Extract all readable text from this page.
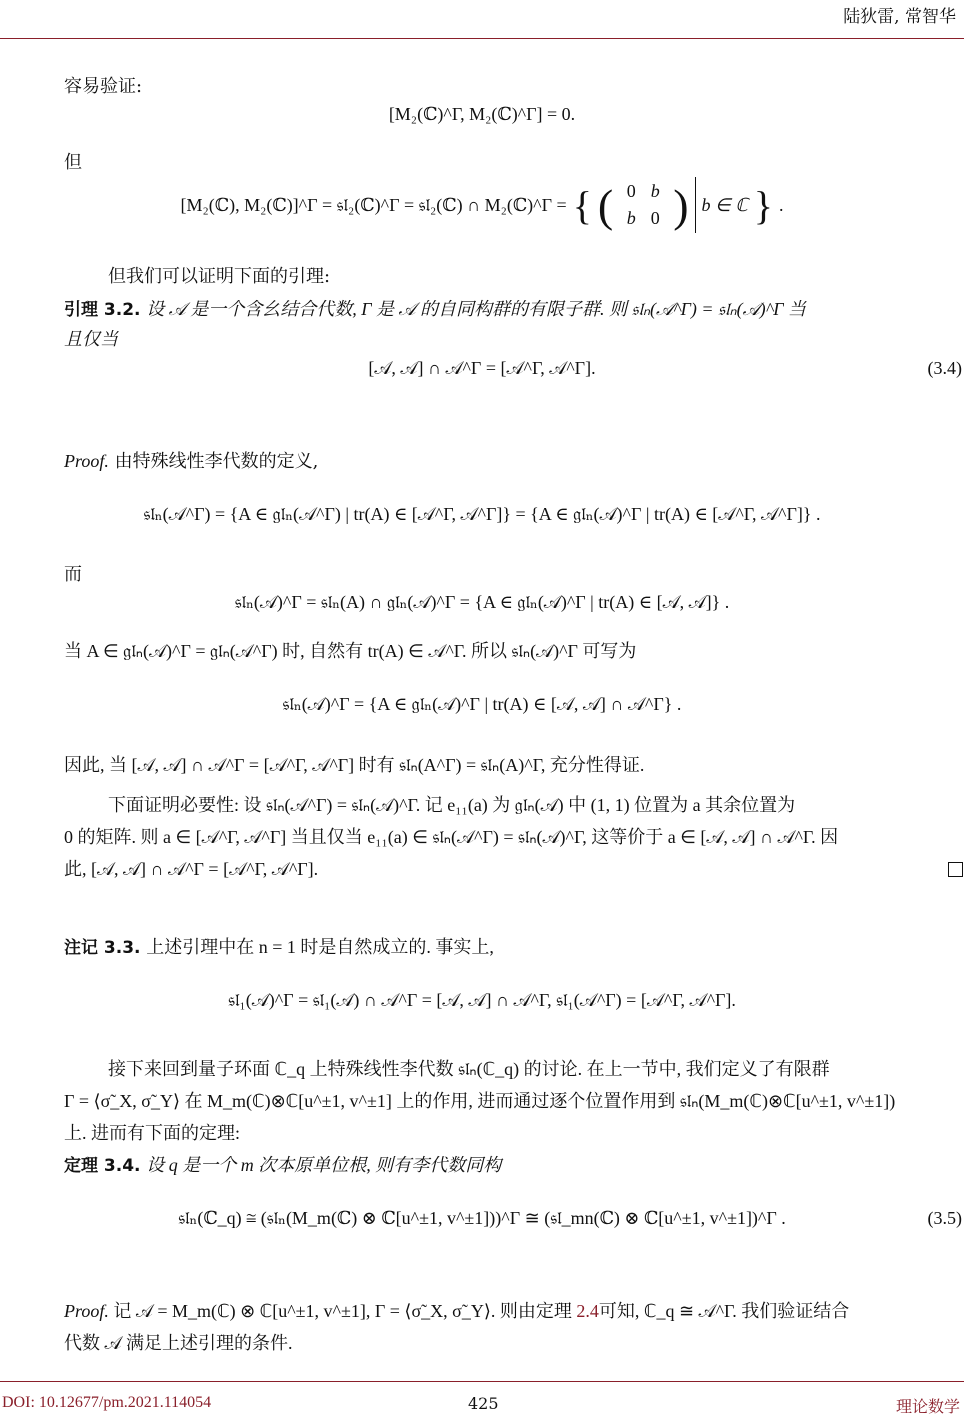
陆狄雷, 常智华
容易验证:
[M₂(ℂ)^Γ, M₂(ℂ)^Γ] = 0.
但
[M₂(ℂ), M₂(ℂ)]^Γ = 𝔰𝔩₂(ℂ)^Γ = 𝔰𝔩₂(ℂ) ∩ M₂(ℂ)^Γ = { ( 0 b
b 0 ) b ∈ ℂ } .
但我们可以证明下面的引理:
引理 3.2. 设 𝒜 是一个含幺结合代数, Γ 是 𝒜 的自同构群的有限子群. 则 𝔰𝔩ₙ(𝒜^Γ) = 𝔰𝔩ₙ(𝒜)^Γ 当
且仅当
[𝒜, 𝒜] ∩ 𝒜^Γ = [𝒜^Γ, 𝒜^Γ].	(3.4)
Proof. 由特殊线性李代数的定义,
𝔰𝔩ₙ(𝒜^Γ) = {A ∈ 𝔤𝔩ₙ(𝒜^Γ) | tr(A) ∈ [𝒜^Γ, 𝒜^Γ]} = {A ∈ 𝔤𝔩ₙ(𝒜)^Γ | tr(A) ∈ [𝒜^Γ, 𝒜^Γ]} .
而
𝔰𝔩ₙ(𝒜)^Γ = 𝔰𝔩ₙ(A) ∩ 𝔤𝔩ₙ(𝒜)^Γ = {A ∈ 𝔤𝔩ₙ(𝒜)^Γ | tr(A) ∈ [𝒜, 𝒜]} .
当 A ∈ 𝔤𝔩ₙ(𝒜)^Γ = 𝔤𝔩ₙ(𝒜^Γ) 时, 自然有 tr(A) ∈ 𝒜^Γ. 所以 𝔰𝔩ₙ(𝒜)^Γ 可写为
𝔰𝔩ₙ(𝒜)^Γ = {A ∈ 𝔤𝔩ₙ(𝒜)^Γ | tr(A) ∈ [𝒜, 𝒜] ∩ 𝒜^Γ} .
因此, 当 [𝒜, 𝒜] ∩ 𝒜^Γ = [𝒜^Γ, 𝒜^Γ] 时有 𝔰𝔩ₙ(A^Γ) = 𝔰𝔩ₙ(A)^Γ, 充分性得证.
下面证明必要性: 设 𝔰𝔩ₙ(𝒜^Γ) = 𝔰𝔩ₙ(𝒜)^Γ. 记 e₁₁(a) 为 𝔤𝔩ₙ(𝒜) 中 (1, 1) 位置为 a 其余位置为
0 的矩阵. 则 a ∈ [𝒜^Γ, 𝒜^Γ] 当且仅当 e₁₁(a) ∈ 𝔰𝔩ₙ(𝒜^Γ) = 𝔰𝔩ₙ(𝒜)^Γ, 这等价于 a ∈ [𝒜, 𝒜] ∩ 𝒜^Γ. 因
此, [𝒜, 𝒜] ∩ 𝒜^Γ = [𝒜^Γ, 𝒜^Γ].
注记 3.3. 上述引理中在 n = 1 时是自然成立的. 事实上,
𝔰𝔩₁(𝒜)^Γ = 𝔰𝔩₁(𝒜) ∩ 𝒜^Γ = [𝒜, 𝒜] ∩ 𝒜^Γ, 𝔰𝔩₁(𝒜^Γ) = [𝒜^Γ, 𝒜^Γ].
接下来回到量子环面 ℂ_q 上特殊线性李代数 𝔰𝔩ₙ(ℂ_q) 的讨论. 在上一节中, 我们定义了有限群
Γ = ⟨σ̃_X, σ̃_Y⟩ 在 M_m(ℂ)⊗ℂ[u^±1, v^±1] 上的作用, 进而通过逐个位置作用到 𝔰𝔩ₙ(M_m(ℂ)⊗ℂ[u^±1, v^±1])
上. 进而有下面的定理:
定理 3.4. 设 q 是一个 m 次本原单位根, 则有李代数同构
𝔰𝔩ₙ(ℂ_q) ≅ (𝔰𝔩ₙ(M_m(ℂ) ⊗ ℂ[u^±1, v^±1]))^Γ ≅ (𝔰𝔩_mn(ℂ) ⊗ ℂ[u^±1, v^±1])^Γ .	(3.5)
Proof. 记 𝒜 = M_m(ℂ) ⊗ ℂ[u^±1, v^±1], Γ = ⟨σ̃_X, σ̃_Y⟩. 则由定理 2.4可知, ℂ_q ≅ 𝒜^Γ. 我们验证结合
代数 𝒜 满足上述引理的条件.
DOI: 10.12677/pm.2021.114054	425	理论数学
